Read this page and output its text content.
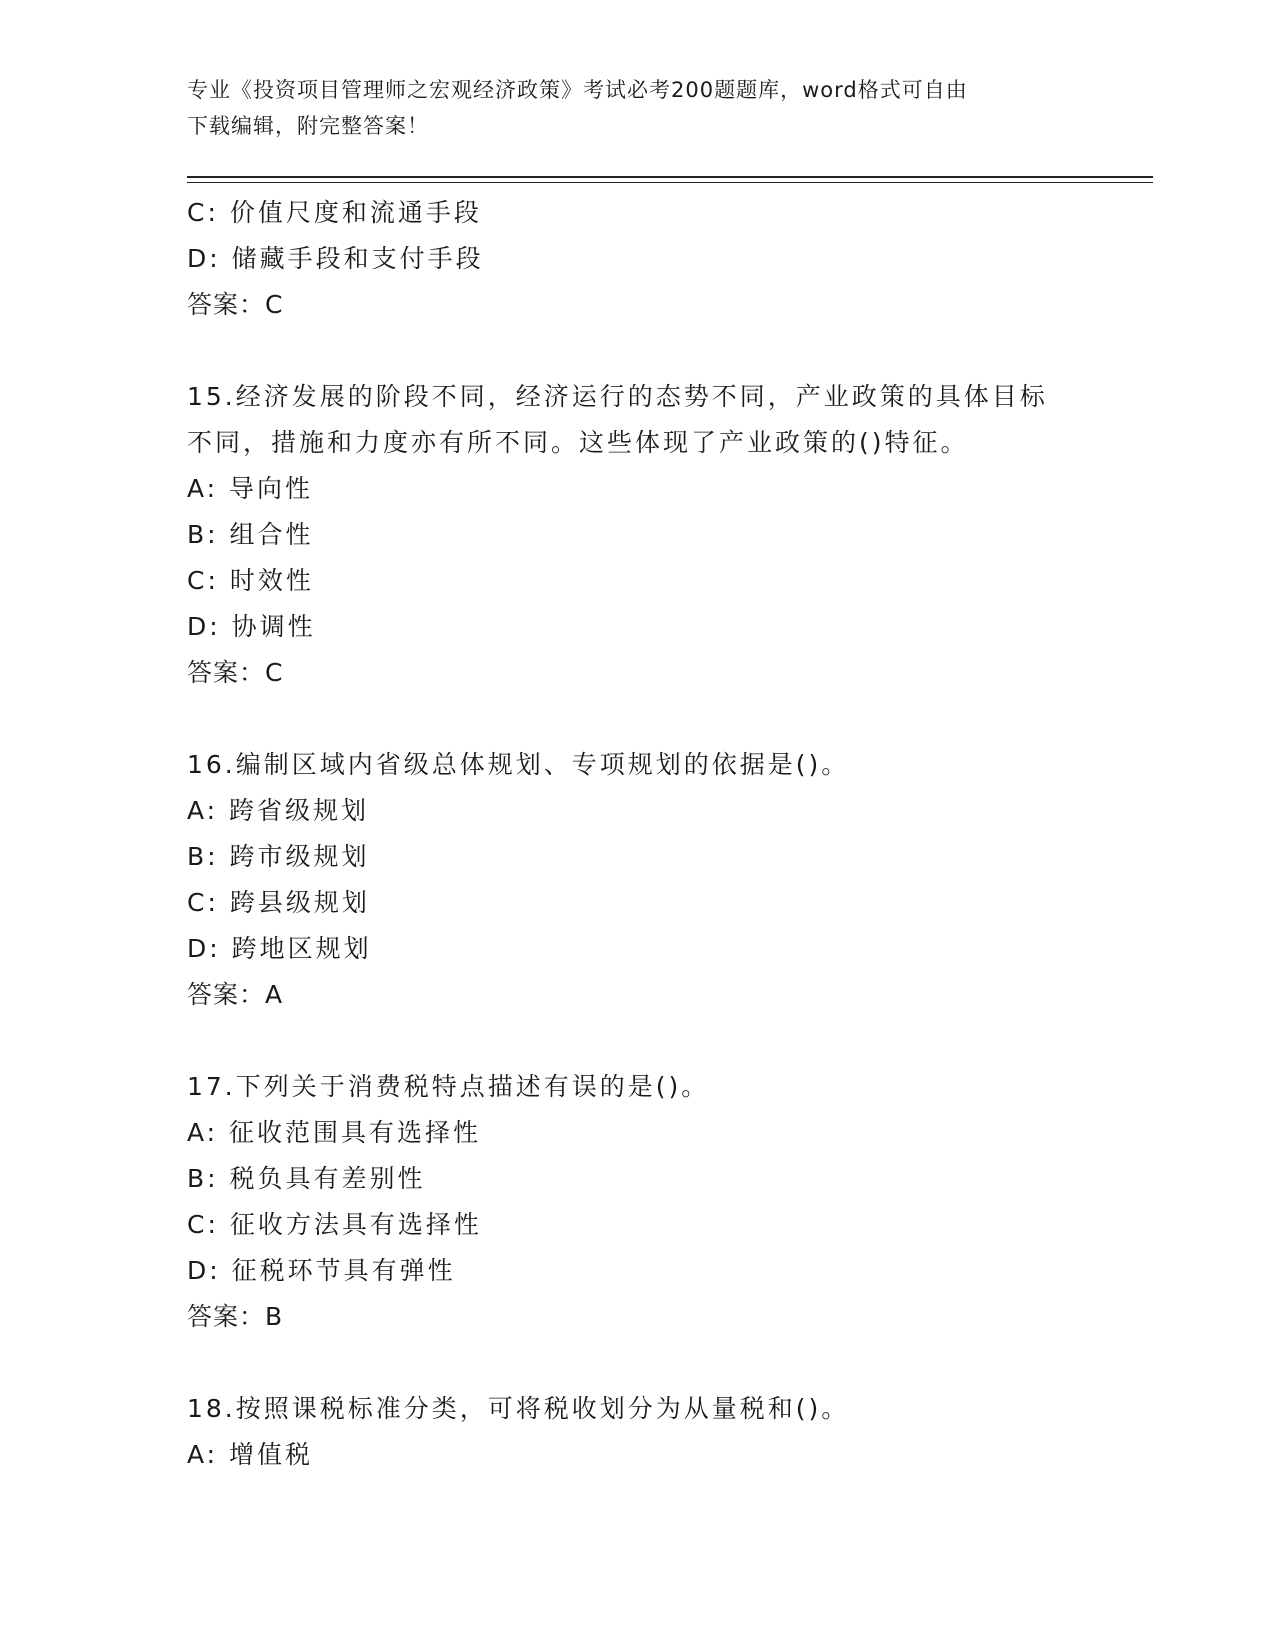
专业《投资项目管理师之宏观经济政策》考试必考200题题库，word格式可自由
下载编辑，附完整答案！
C: 价值尺度和流通手段
D: 储藏手段和支付手段
答案：C
15.经济发展的阶段不同，经济运行的态势不同，产业政策的具体目标
不同，措施和力度亦有所不同。这些体现了产业政策的()特征。
A: 导向性
B: 组合性
C: 时效性
D: 协调性
答案：C
16.编制区域内省级总体规划、专项规划的依据是()。
A: 跨省级规划
B: 跨市级规划
C: 跨县级规划
D: 跨地区规划
答案：A
17.下列关于消费税特点描述有误的是()。
A: 征收范围具有选择性
B: 税负具有差别性
C: 征收方法具有选择性
D: 征税环节具有弹性
答案：B
18.按照课税标准分类，可将税收划分为从量税和()。
A: 增值税
